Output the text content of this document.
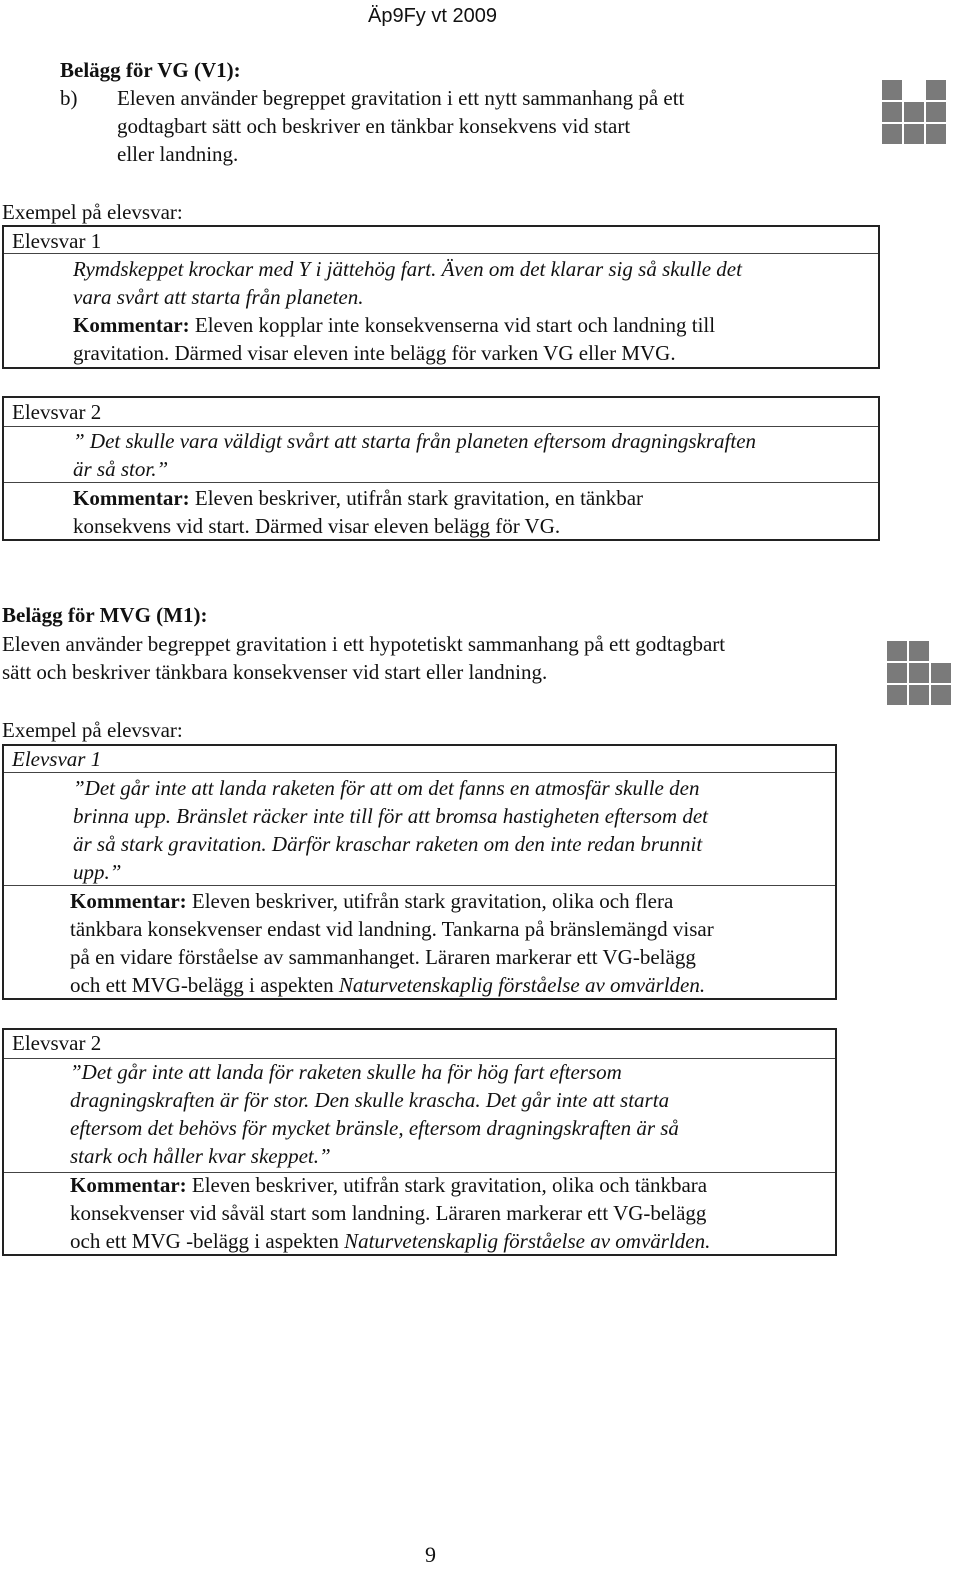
Äp9Fy vt 2009
Belägg för VG (V1):
b) Eleven använder begreppet gravitation i ett nytt sammanhang på ett
godtagbart sätt och beskriver en tänkbar konsekvens vid start
eller landning.
Exempel på elevsvar:
Elevsvar 1
Rymdskeppet krockar med Y i jättehög fart. Även om det klarar sig så skulle det
vara svårt att starta från planeten.
Kommentar: Eleven kopplar inte konsekvenserna vid start och landning till
gravitation. Därmed visar eleven inte belägg för varken VG eller MVG.
Elevsvar 2
” Det skulle vara väldigt svårt att starta från planeten eftersom dragningskraften
är så stor.”
Kommentar: Eleven beskriver, utifrån stark gravitation, en tänkbar
konsekvens vid start. Därmed visar eleven belägg för VG.
Belägg för MVG (M1):
Eleven använder begreppet gravitation i ett hypotetiskt sammanhang på ett godtagbart
sätt och beskriver tänkbara konsekvenser vid start eller landning.
Exempel på elevsvar:
Elevsvar 1
”Det går inte att landa raketen för att om det fanns en atmosfär skulle den
brinna upp. Bränslet räcker inte till för att bromsa hastigheten eftersom det
är så stark gravitation. Därför kraschar raketen om den inte redan brunnit
upp.”
Kommentar: Eleven beskriver, utifrån stark gravitation, olika och flera
tänkbara konsekvenser endast vid landning. Tankarna på bränslemängd visar
på en vidare förståelse av sammanhanget. Läraren markerar ett VG-belägg
och ett MVG-belägg i aspekten Naturvetenskaplig förståelse av omvärlden.
Elevsvar 2
”Det går inte att landa för raketen skulle ha för hög fart eftersom
dragningskraften är för stor. Den skulle krascha. Det går inte att starta
eftersom det behövs för mycket bränsle, eftersom dragningskraften är så
stark och håller kvar skeppet.”
Kommentar: Eleven beskriver, utifrån stark gravitation, olika och tänkbara
konsekvenser vid såväl start som landning. Läraren markerar ett VG-belägg
och ett MVG -belägg i aspekten Naturvetenskaplig förståelse av omvärlden.
9
